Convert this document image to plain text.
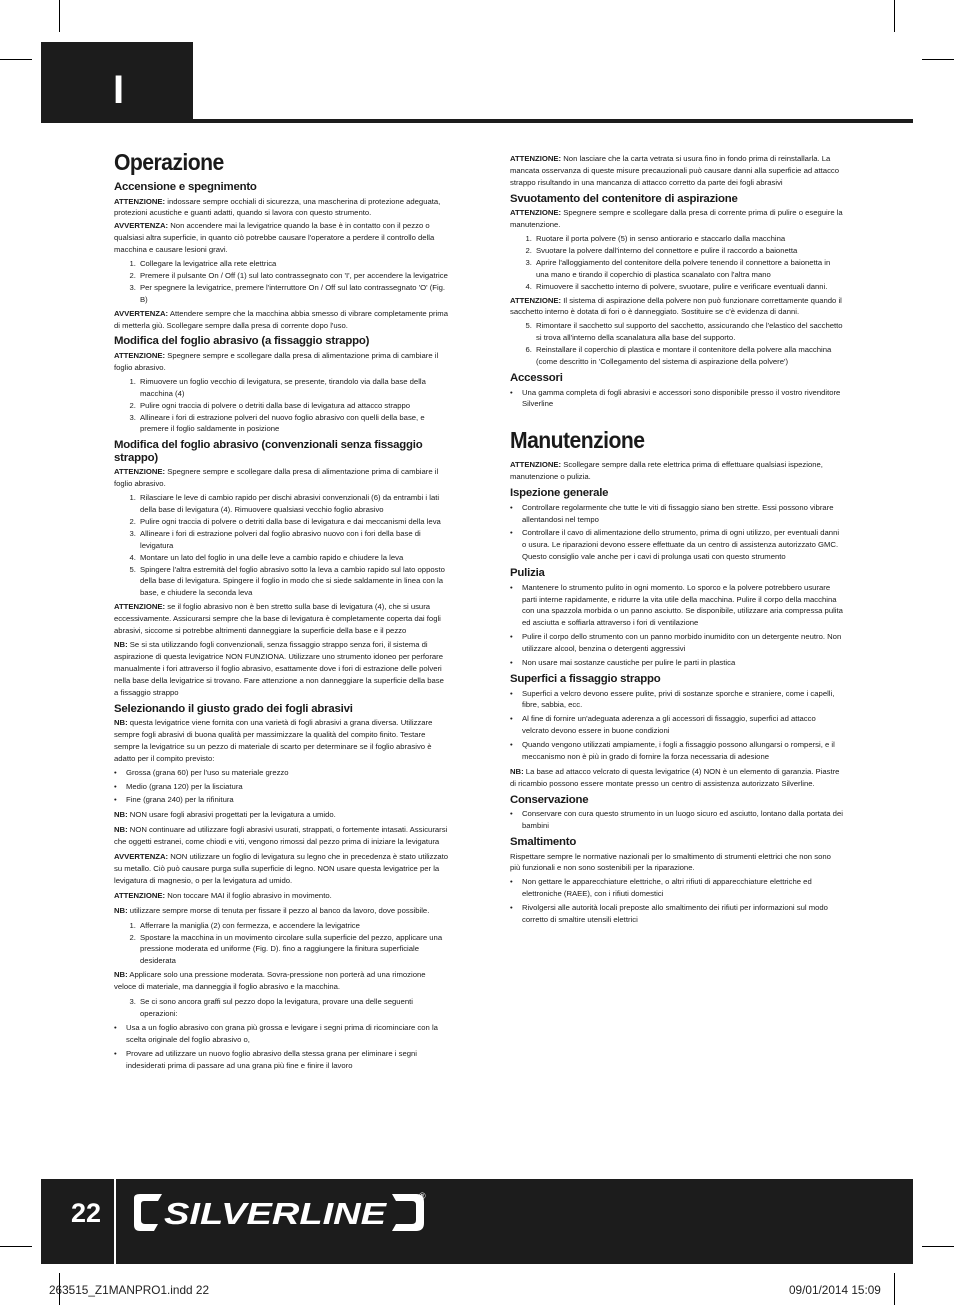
I
Operazione
Accensione e spegnimento

ATTENZIONE: indossare sempre occhiali di sicurezza, una mascherina di protezione adeguata, protezioni acustiche e guanti adatti, quando si lavora con questo strumento.

AVVERTENZA: Non accendere mai la levigatrice quando la base è in contatto con il pezzo o qualsiasi altra superficie, in quanto ciò potrebbe causare l'operatore a perdere il controllo della macchina e causare lesioni gravi.

1. Collegare la levigatrice alla rete elettrica
2. Premere il pulsante On / Off (1) sul lato contrassegnato con 'I', per accendere la levigatrice
3. Per spegnere la levigatrice, premere l'interruttore On / Off sul lato contrassegnato 'O' (Fig. B)

AVVERTENZA: Attendere sempre che la macchina abbia smesso di vibrare completamente prima di metterla giù. Scollegare sempre dalla presa di corrente dopo l'uso.

Modifica del foglio abrasivo (a fissaggio strappo)

ATTENZIONE: Spegnere sempre e scollegare dalla presa di alimentazione prima di cambiare il foglio abrasivo.

1. Rimuovere un foglio vecchio di levigatura, se presente, tirandolo via dalla base della macchina (4)
2. Pulire ogni traccia di polvere o detriti dalla base di levigatura ad attacco strappo
3. Allineare i fori di estrazione polveri del nuovo foglio abrasivo con quelli della base, e premere il foglio saldamente in posizione
Modifica del foglio abrasivo (convenzionali senza fissaggio strappo)

ATTENZIONE: Spegnere sempre e scollegare dalla presa di alimentazione prima di cambiare il foglio abrasivo.

1. Rilasciare le leve di cambio rapido per dischi abrasivi convenzionali (6) da entrambi i lati della base di levigatura (4). Rimuovere qualsiasi vecchio foglio abrasivo
2. Pulire ogni traccia di polvere o detriti dalla base di levigatura e dai meccanismi della leva
3. Allineare i fori di estrazione polveri dal foglio abrasivo nuovo con i fori della base di levigatura
4. Montare un lato del foglio in una delle leve a cambio rapido e chiudere la leva
5. Spingere l'altra estremità del foglio abrasivo sotto la leva a cambio rapido sul lato opposto della base di levigatura. Spingere il foglio in modo che si siede saldamente in linea con la base, e chiudere la seconda leva

ATTENZIONE: se il foglio abrasivo non è ben stretto sulla base di levigatura (4), che si usura eccessivamente. Assicurarsi sempre che la base di levigatura è completamente coperta dai fogli abrasivi, siccome si potrebbe altrimenti danneggiare la superficie della base e il pezzo

NB: Se si sta utilizzando fogli convenzionali, senza fissaggio strappo senza fori, il sistema di aspirazione di questa levigatrice NON FUNZIONA. Utilizzare uno strumento idoneo per perforare manualmente i fori attraverso il foglio abrasivo, esattamente dove i fori di estrazione delle polveri nella base della levigatrice si trovano. Fare attenzione a non danneggiare la superficie della base a fissaggio strappo

Selezionando il giusto grado dei fogli abrasivi

NB: questa levigatrice viene fornita con una varietà di fogli abrasivi a grana diversa. Utilizzare sempre fogli abrasivi di buona qualità per massimizzare la qualità del compito finito. Testare sempre la levigatrice su un pezzo di materiale di scarto per determinare se il foglio abrasivo è adatto per il compito previsto:

• Grossa (grana 60) per l'uso su materiale grezzo
• Medio (grana 120) per la lisciatura
• Fine (grana 240) per la rifinitura

NB: NON usare fogli abrasivi progettati per la levigatura a umido.

NB: NON continuare ad utilizzare fogli abrasivi usurati, strappati, o fortemente intasati. Assicurarsi che oggetti estranei, come chiodi e viti, vengono rimossi dal pezzo prima di iniziare la levigatura

AVVERTENZA: NON utilizzare un foglio di levigatura su legno che in precedenza è stato utilizzato su metallo. Ciò può causare purga sulla superficie di legno. NON usare questa levigatrice per la levigatura di magnesio, o per la levigatura ad umido.

ATTENZIONE: Non toccare MAI il foglio abrasivo in movimento.

NB: utilizzare sempre morse di tenuta per fissare il pezzo al banco da lavoro, dove possibile.

1. Afferrare la maniglia (2) con fermezza, e accendere la levigatrice
2. Spostare la macchina in un movimento circolare sulla superficie del pezzo, applicare una pressione moderata ed uniforme (Fig. D). fino a raggiungere la finitura superficiale desiderata

NB: Applicare solo una pressione moderata. Sovra-pressione non porterà ad una rimozione veloce di materiale, ma danneggia il foglio abrasivo e la macchina.

3. Se ci sono ancora graffi sul pezzo dopo la levigatura, provare una delle seguenti operazioni:
• Usa a un foglio abrasivo con grana più grossa e levigare i segni prima di ricominciare con la scelta originale del foglio abrasivo o,
• Provare ad utilizzare un nuovo foglio abrasivo della stessa grana per eliminare i segni indesiderati prima di passare ad una grana più fine e finire il lavoro

ATTENZIONE: Non lasciare che la carta vetrata si usura fino in fondo prima di reinstallarla. La mancata osservanza di queste misure precauzionali può causare danni alla superficie ad attacco strappo risultando in una mancanza di attacco corretto da parte dei fogli abrasivi

Svuotamento del contenitore di aspirazione

ATTENZIONE: Spegnere sempre e scollegare dalla presa di corrente prima di pulire o eseguire la manutenzione.

1. Ruotare il porta polvere (5) in senso antiorario e staccarlo dalla macchina
2. Svuotare la polvere dall'interno del connettore e pulire il raccordo a baionetta
3. Aprire l'alloggiamento del contenitore della polvere tenendo il connettore a baionetta in una mano e tirando il coperchio di plastica scanalato con l'altra mano
4. Rimuovere il sacchetto interno di polvere, svuotare, pulire e verificare eventuali danni.

ATTENZIONE: Il sistema di aspirazione della polvere non può funzionare correttamente quando il sacchetto interno è dotata di fori o è danneggiato. Sostituire se c'è evidenza di danni.

5. Rimontare il sacchetto sul supporto del sacchetto, assicurando che l'elastico del sacchetto si trova all'interno della scanalatura alla base del supporto.
6. Reinstallare il coperchio di plastica e montare il contenitore della polvere alla macchina (come descritto in 'Collegamento del sistema di aspirazione della polvere')
Accessori
• Una gamma completa di fogli abrasivi e accessori sono disponibile presso il vostro rivenditore Silverline
Manutenzione

ATTENZIONE: Scollegare sempre dalla rete elettrica prima di effettuare qualsiasi ispezione, manutenzione o pulizia.

Ispezione generale
• Controllare regolarmente che tutte le viti di fissaggio siano ben strette. Essi possono vibrare allentandosi nel tempo
• Controllare il cavo di alimentazione dello strumento, prima di ogni utilizzo, per eventuali danni o usura. Le riparazioni devono essere effettuate da un centro di assistenza autorizzato GMC. Questo consiglio vale anche per i cavi di prolunga usati con questo strumento
Pulizia
• Mantenere lo strumento pulito in ogni momento. Lo sporco e la polvere potrebbero usurare parti interne rapidamente, e ridurre la vita utile della macchina. Pulire il corpo della macchina con una spazzola morbida o un panno asciutto. Se disponibile, utilizzare aria compressa pulita ed asciutta e soffiarla attraverso i fori di ventilazione
• Pulire il corpo dello strumento con un panno morbido inumidito con un detergente neutro. Non utilizzare alcool, benzina o detergenti aggressivi
• Non usare mai sostanze caustiche per pulire le parti in plastica
Superfici a fissaggio strappo
• Superfici a velcro devono essere pulite, privi di sostanze sporche e straniere, come i capelli, fibre, sabbia, ecc.
• Al fine di fornire un'adeguata aderenza a gli accessori di fissaggio, superfici ad attacco velcrato devono essere in buone condizioni
• Quando vengono utilizzati ampiamente, i fogli a fissaggio possono allungarsi o rompersi, e il meccanismo non è più in grado di fornire la forza necessaria di adesione

NB: La base ad attacco velcrato di questa levigatrice (4) NON è un elemento di garanzia. Piastre di ricambio possono essere montate presso un centro di assistenza autorizzato Silverline.

Conservazione
• Conservare con cura questo strumento in un luogo sicuro ed asciutto, lontano dalla portata dei bambini
Smaltimento

Rispettare sempre le normative nazionali per lo smaltimento di strumenti elettrici che non sono più funzionali e non sono sostenibili per la riparazione.

• Non gettare le apparecchiature elettriche, o altri rifiuti di apparecchiature elettriche ed elettroniche (RAEE), con i rifiuti domestici
• Rivolgersi alle autorità locali preposte allo smaltimento dei rifiuti per informazioni sul modo corretto di smaltire utensili elettrici
22 SILVERLINE	®
263515_Z1MANPRO1.indd 22	09/01/2014 15:09
